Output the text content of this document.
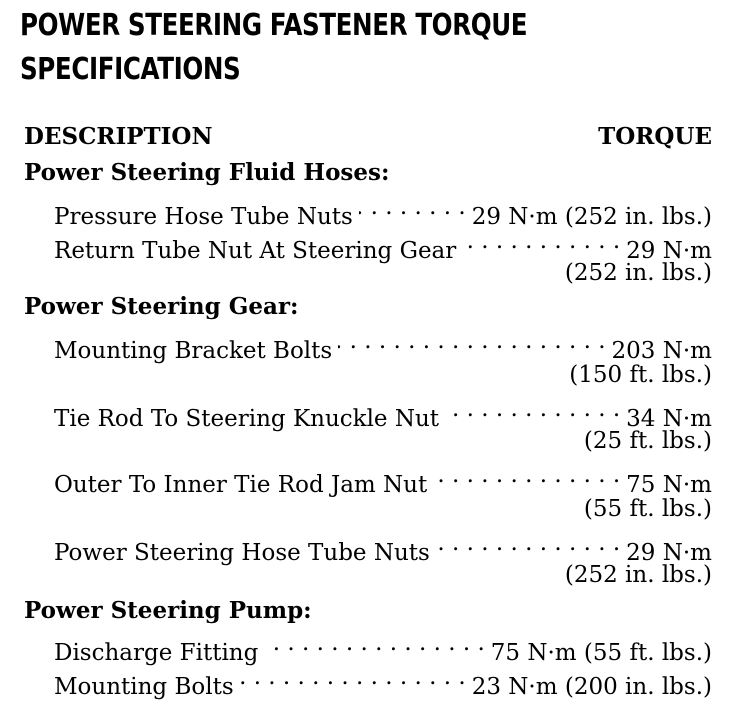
POWER STEERING FASTENER TORQUE
SPECIFICATIONS
DESCRIPTION	TORQUE
Power Steering Fluid Hoses:
Pressure Hose Tube Nuts . . .	29 N·m (252 in. lbs.)
Return Tube Nut At Steering Gear . . .	29 N·m
(252 in. lbs.)
Power Steering Gear:
Mounting Bracket Bolts . . .	203 N·m
(150 ft. lbs.)
Tie Rod To Steering Knuckle Nut . . .	34 N·m
(25 ft. lbs.)
Outer To Inner Tie Rod Jam Nut . . .	75 N·m
(55 ft. lbs.)
Power Steering Hose Tube Nuts . . .	29 N·m
(252 in. lbs.)
Power Steering Pump:
Discharge Fitting . . .	75 N·m (55 ft. lbs.)
Mounting Bolts . . .	23 N·m (200 in. lbs.)
